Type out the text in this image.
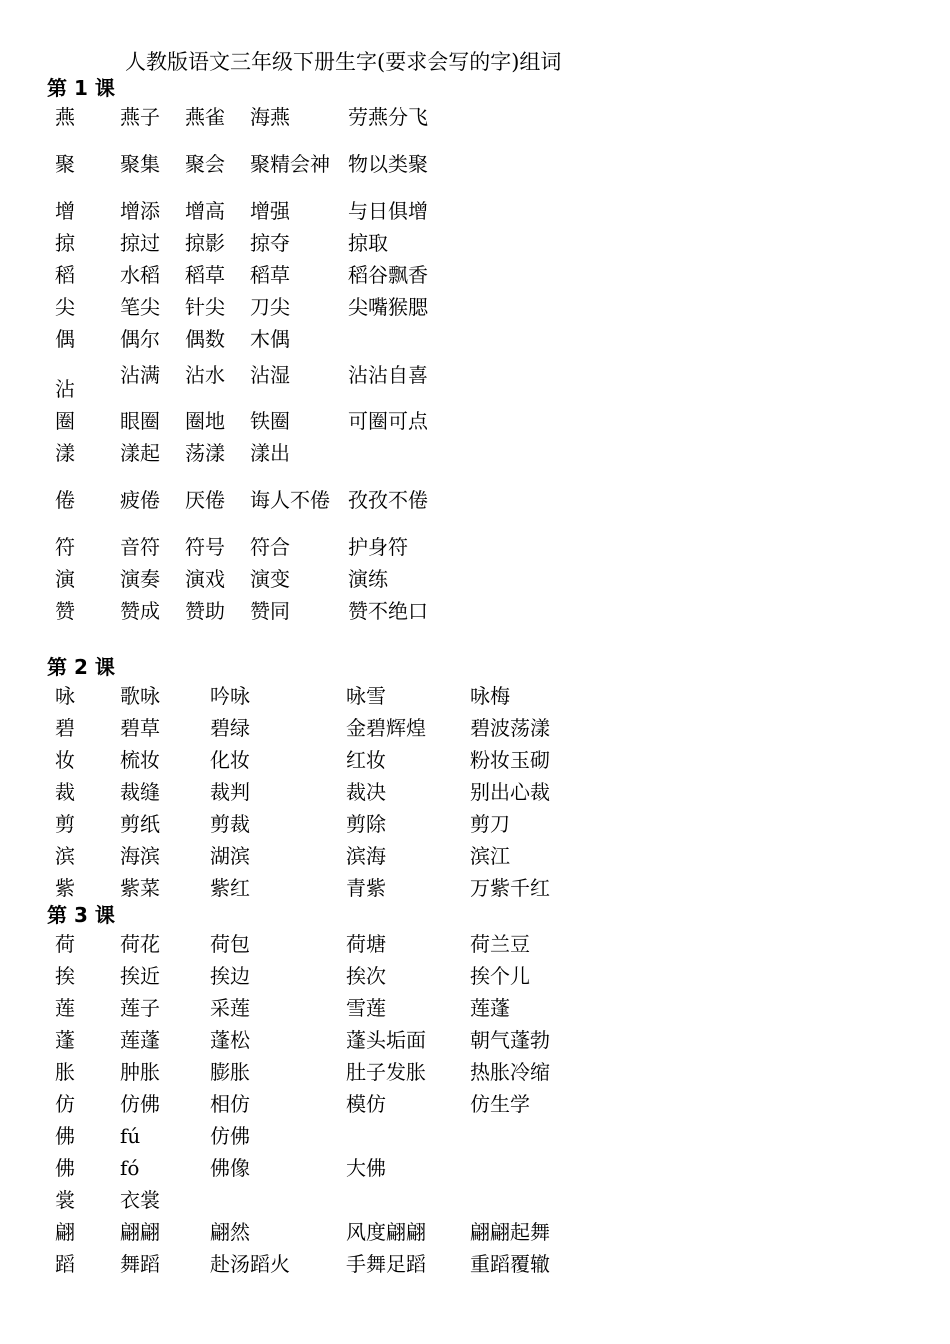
人教版语文三年级下册生字(要求会写的字)组词
第 1 课
燕	燕子	燕雀	海燕	劳燕分飞
聚	聚集	聚会	聚精会神	物以类聚
增	增添	增高	增强	与日俱增
掠	掠过	掠影	掠夺	掠取
稻	水稻	稻草	稻草	稻谷飘香
尖	笔尖	针尖	刀尖	尖嘴猴腮
偶	偶尔	偶数	木偶	
沾	沾满	沾水	沾湿	沾沾自喜
圈	眼圈	圈地	铁圈	可圈可点
漾	漾起	荡漾	漾出	
倦	疲倦	厌倦	诲人不倦	孜孜不倦
符	音符	符号	符合	护身符
演	演奏	演戏	演变	演练
赞	赞成	赞助	赞同	赞不绝口
第 2 课
咏	歌咏	吟咏	咏雪	咏梅
碧	碧草	碧绿	金碧辉煌	碧波荡漾
妆	梳妆	化妆	红妆	粉妆玉砌
裁	裁缝	裁判	裁决	别出心裁
剪	剪纸	剪裁	剪除	剪刀
滨	海滨	湖滨	滨海	滨江
紫	紫菜	紫红	青紫	万紫千红
第 3 课
荷	荷花	荷包	荷塘	荷兰豆
挨	挨近	挨边	挨次	挨个儿
莲	莲子	采莲	雪莲	莲蓬
蓬	莲蓬	蓬松	蓬头垢面	朝气蓬勃
胀	肿胀	膨胀	肚子发胀	热胀冷缩
仿	仿佛	相仿	模仿	仿生学
佛	fú	仿佛		
佛	fó	佛像	大佛	
裳	衣裳			
翩	翩翩	翩然	风度翩翩	翩翩起舞
蹈	舞蹈	赴汤蹈火	手舞足蹈	重蹈覆辙
